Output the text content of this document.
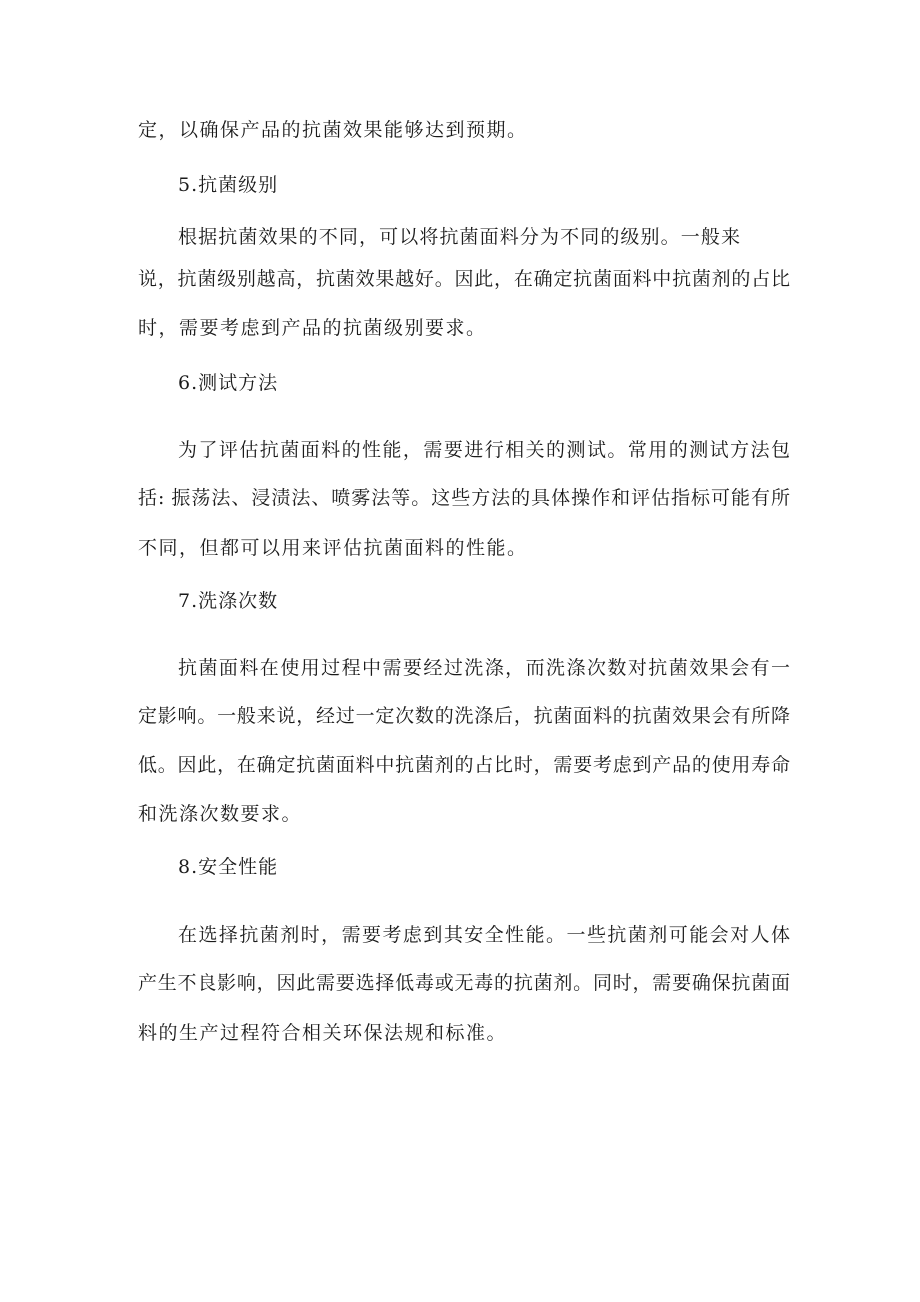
定，以确保产品的抗菌效果能够达到预期。

5.抗菌级别

根据抗菌效果的不同，可以将抗菌面料分为不同的级别。一般来

说，抗菌级别越高，抗菌效果越好。因此，在确定抗菌面料中抗菌剂的占比

时，需要考虑到产品的抗菌级别要求。

6.测试方法

为了评估抗菌面料的性能，需要进行相关的测试。常用的测试方法包

括: 振荡法、浸渍法、喷雾法等。这些方法的具体操作和评估指标可能有所

不同，但都可以用来评估抗菌面料的性能。

7.洗涤次数

抗菌面料在使用过程中需要经过洗涤，而洗涤次数对抗菌效果会有一

定影响。一般来说，经过一定次数的洗涤后，抗菌面料的抗菌效果会有所降

低。因此，在确定抗菌面料中抗菌剂的占比时，需要考虑到产品的使用寿命

和洗涤次数要求。

8.安全性能

在选择抗菌剂时，需要考虑到其安全性能。一些抗菌剂可能会对人体

产生不良影响，因此需要选择低毒或无毒的抗菌剂。同时，需要确保抗菌面

料的生产过程符合相关环保法规和标准。
